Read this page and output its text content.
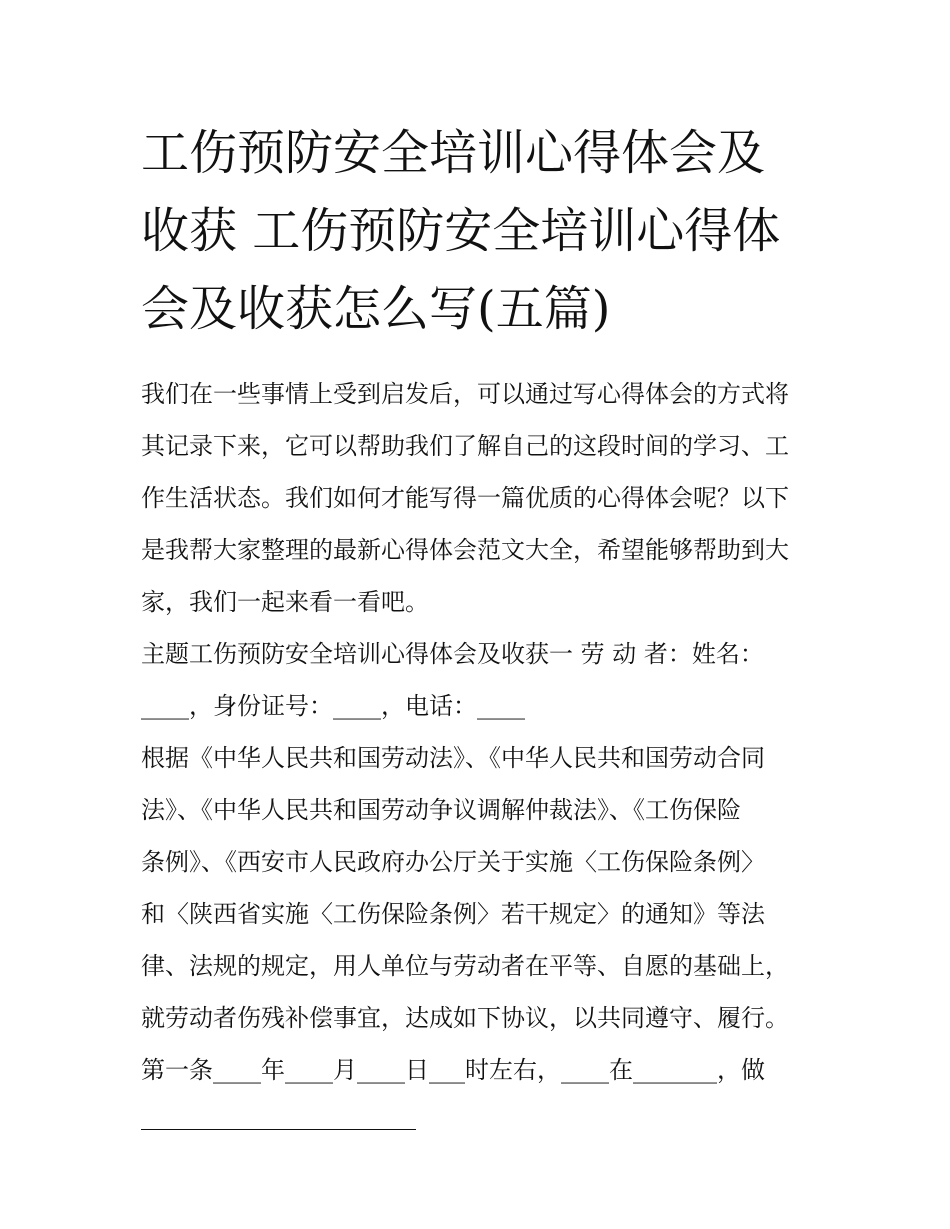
工伤预防安全培训心得体会及
收获 工伤预防安全培训心得体
会及收获怎么写(五篇)
我们在一些事情上受到启发后，可以通过写心得体会的方式将
其记录下来，它可以帮助我们了解自己的这段时间的学习、工
作生活状态。我们如何才能写得一篇优质的心得体会呢？以下
是我帮大家整理的最新心得体会范文大全，希望能够帮助到大
家，我们一起来看一看吧。
主题工伤预防安全培训心得体会及收获一 劳 动 者：姓名：
____，身份证号：____，电话：____
根据《中华人民共和国劳动法》、《中华人民共和国劳动合同
法》、《中华人民共和国劳动争议调解仲裁法》、《工伤保险
条例》、《西安市人民政府办公厅关于实施〈工伤保险条例〉
和〈陕西省实施〈工伤保险条例〉若干规定〉的通知》等法
律、法规的规定，用人单位与劳动者在平等、自愿的基础上，
就劳动者伤残补偿事宜，达成如下协议，以共同遵守、履行。
第一条____年____月____日___时左右，____在_______，做
